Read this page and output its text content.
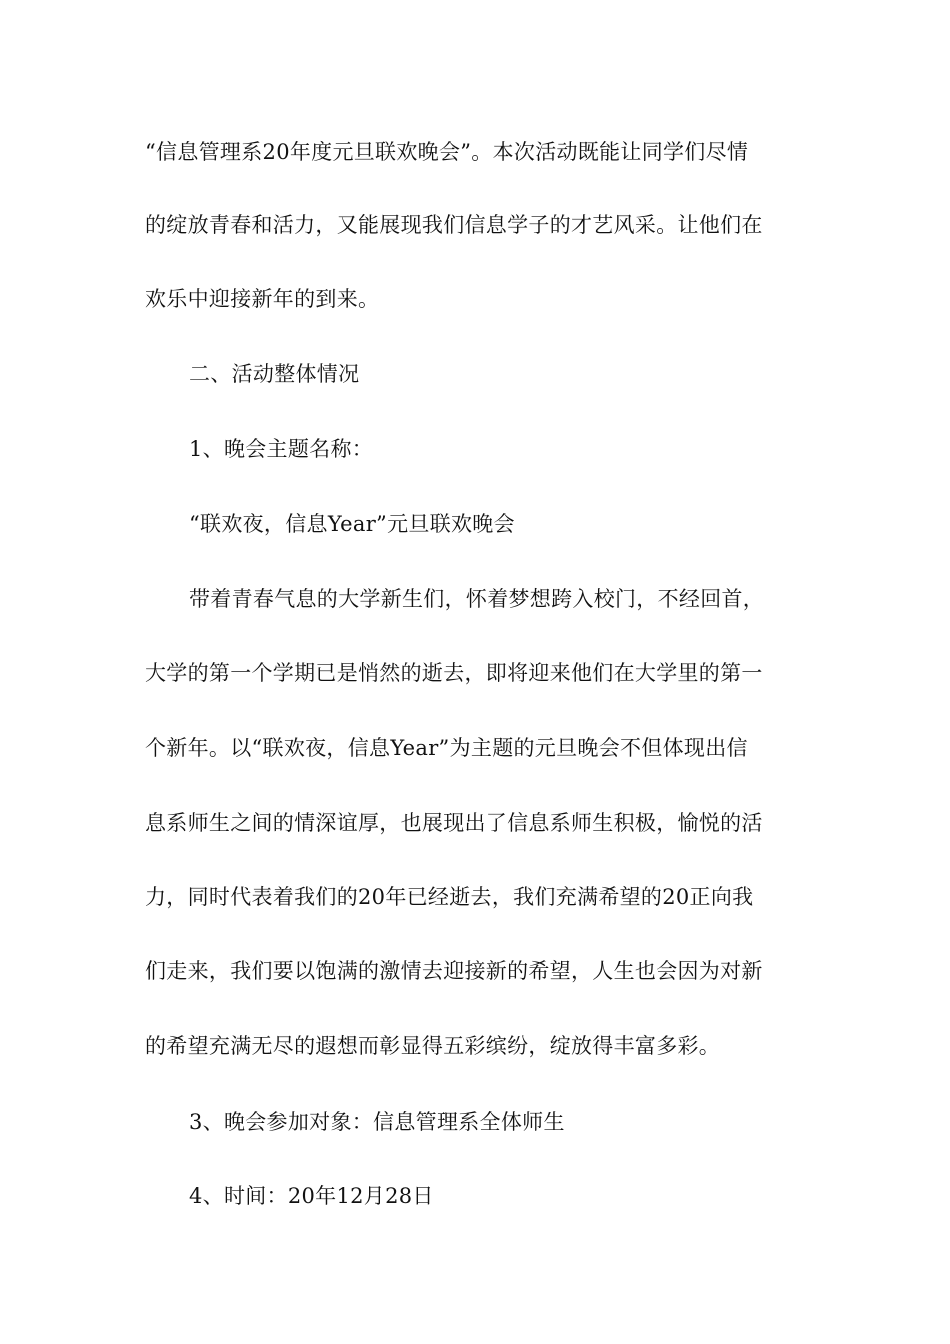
“信息管理系20年度元旦联欢晚会”。本次活动既能让同学们尽情
的绽放青春和活力，又能展现我们信息学子的才艺风采。让他们在
欢乐中迎接新年的到来。
二、活动整体情况
1、晚会主题名称：
“联欢夜，信息Year”元旦联欢晚会
带着青春气息的大学新生们，怀着梦想跨入校门，不经回首，
大学的第一个学期已是悄然的逝去，即将迎来他们在大学里的第一
个新年。以“联欢夜，信息Year”为主题的元旦晚会不但体现出信
息系师生之间的情深谊厚，也展现出了信息系师生积极，愉悦的活
力，同时代表着我们的20年已经逝去，我们充满希望的20正向我
们走来，我们要以饱满的激情去迎接新的希望，人生也会因为对新
的希望充满无尽的遐想而彰显得五彩缤纷，绽放得丰富多彩。
3、晚会参加对象：信息管理系全体师生
4、时间：20年12月28日
